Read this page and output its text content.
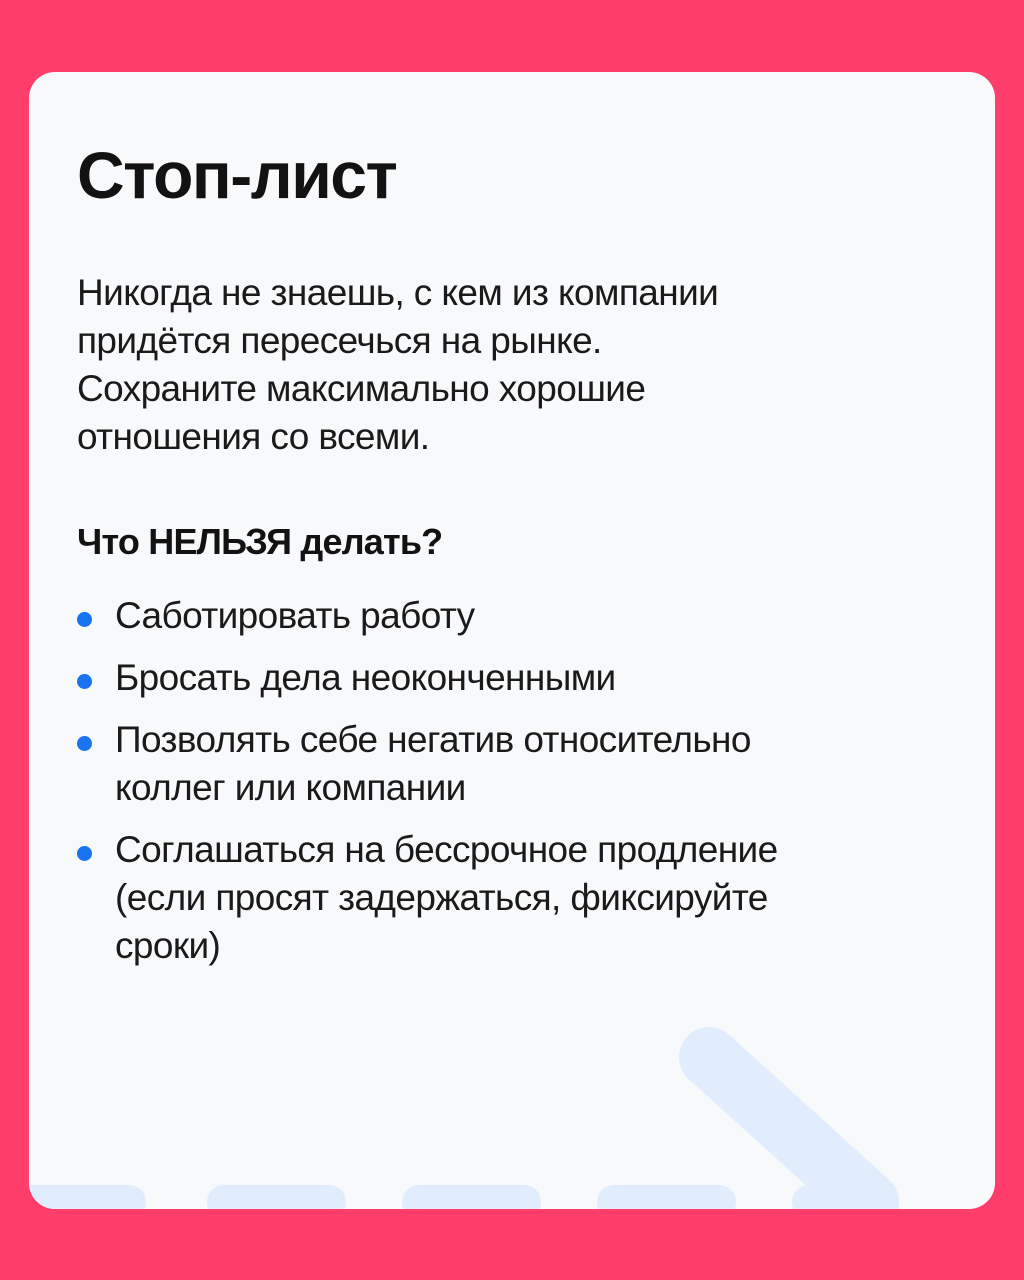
Стоп-лист

Никогда не знаешь, с кем из компании
придётся пересечься на рынке.
Сохраните максимально хорошие
отношения со всеми.

Что НЕЛЬЗЯ делать?
Саботировать работу
Бросать дела неоконченными
Позволять себе негатив относительно
коллег или компании
Соглашаться на бессрочное продление
(если просят задержаться, фиксируйте
сроки)
